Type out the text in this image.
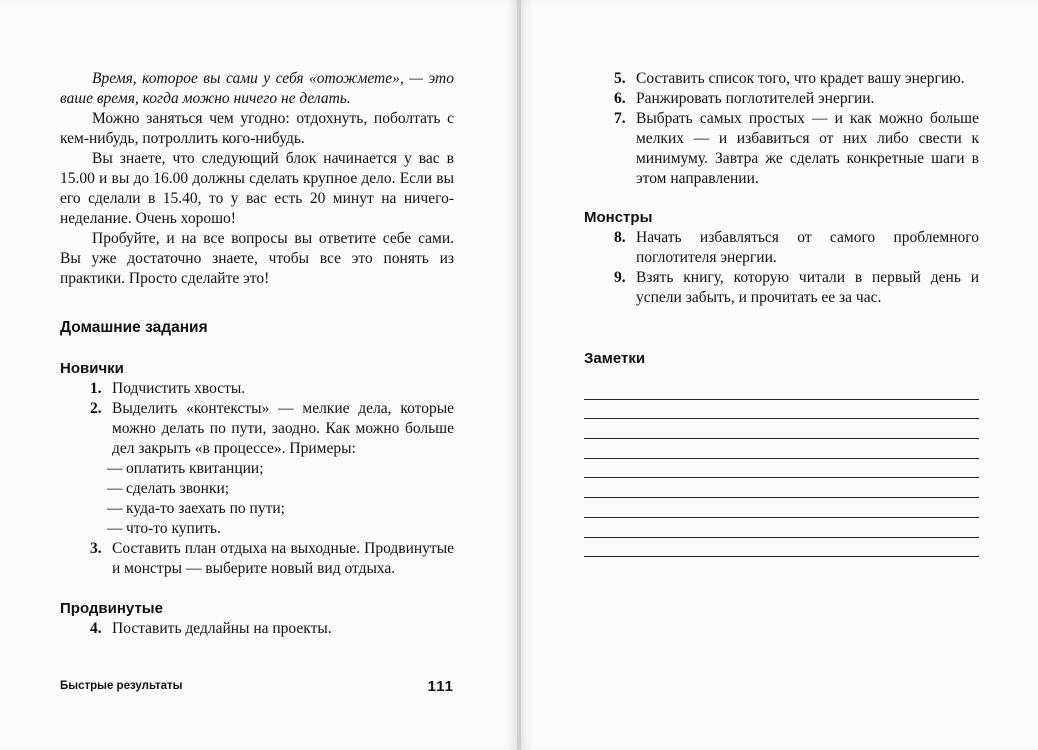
Время, которое вы сами у себя «отожмете», — это ваше время, когда можно ничего не делать.

Можно заняться чем угодно: отдохнуть, поболтать с кем-нибудь, потроллить кого-нибудь.

Вы знаете, что следующий блок начинается у вас в 15.00 и вы до 16.00 должны сделать крупное дело. Если вы его сделали в 15.40, то у вас есть 20 минут на ничего-неделание. Очень хорошо!

Пробуйте, и на все вопросы вы ответите себе сами. Вы уже достаточно знаете, чтобы все это понять из практики. Просто сделайте это!

Домашние задания
Новички
1. Подчистить хвосты.
2. Выделить «контексты» — мелкие дела, которые можно делать по пути, заодно. Как можно больше дел закрыть «в процессе». Примеры:
— оплатить квитанции;
— сделать звонки;
— куда-то заехать по пути;
— что-то купить.
3. Составить план отдыха на выходные. Продвинутые и монстры — выберите новый вид отдыха.
Продвинутые
4. Поставить дедлайны на проекты.
Быстрые результаты	111
5. Составить список того, что крадет вашу энергию.
6. Ранжировать поглотителей энергии.
7. Выбрать самых простых — и как можно больше мелких — и избавиться от них либо свести к минимуму. Завтра же сделать конкретные шаги в этом направлении.
Монстры
8. Начать избавляться от самого проблемного поглотителя энергии.
9. Взять книгу, которую читали в первый день и успели забыть, и прочитать ее за час.
Заметки
